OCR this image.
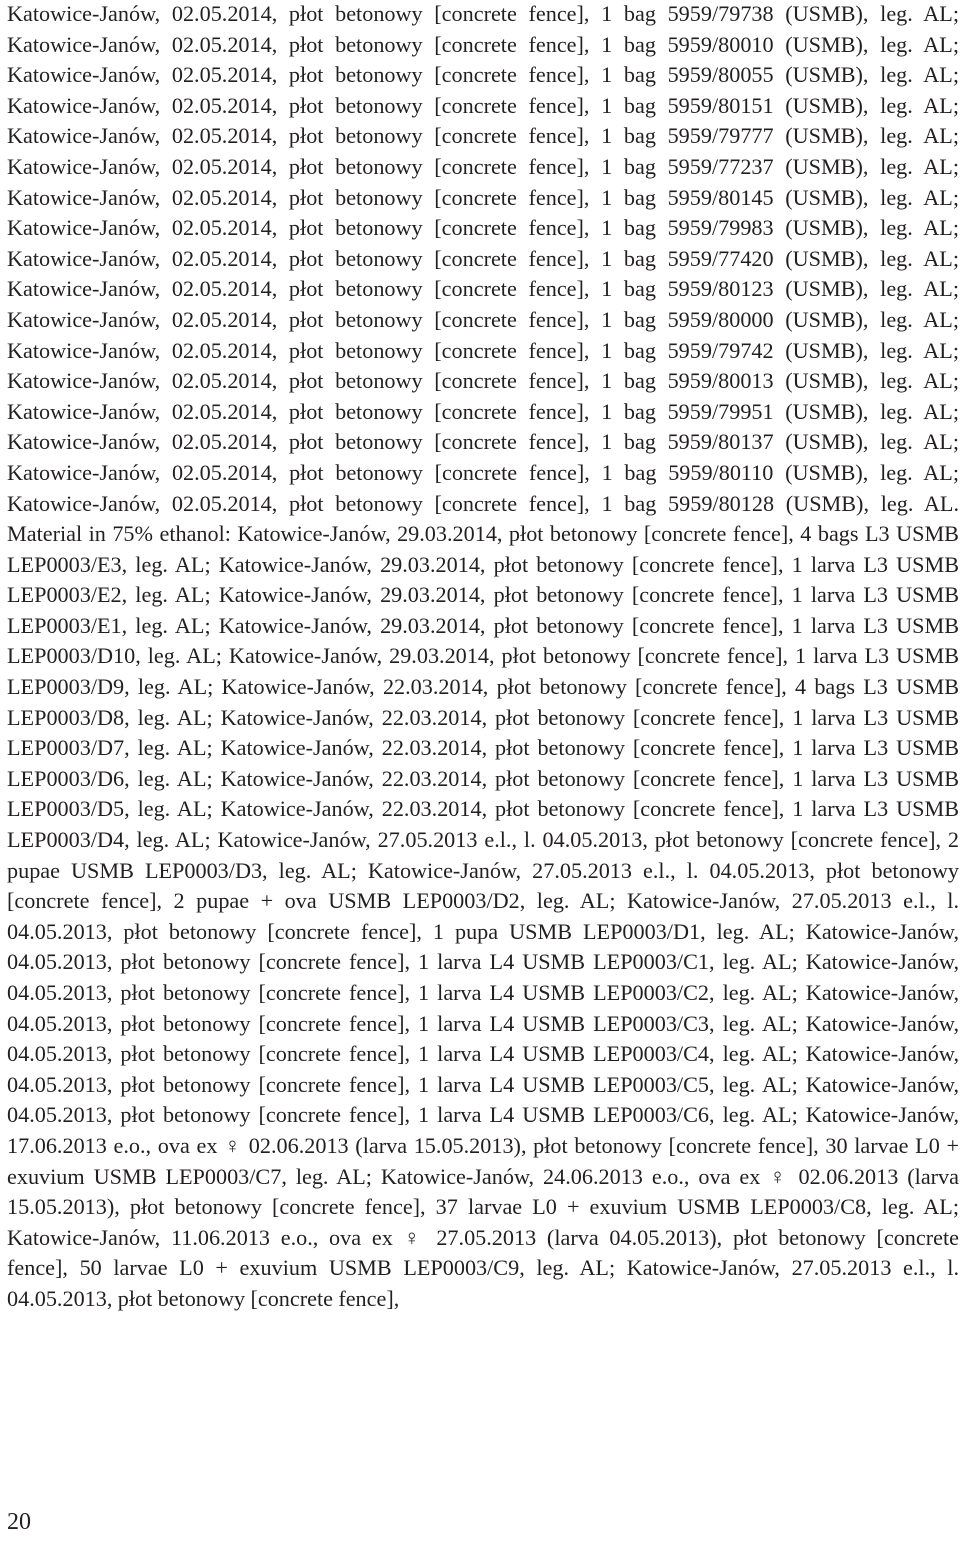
Katowice-Janów, 02.05.2014, płot betonowy [concrete fence], 1 bag 5959/79738 (USMB), leg. AL; Katowice-Janów, 02.05.2014, płot betonowy [concrete fence], 1 bag 5959/80010 (USMB), leg. AL; Katowice-Janów, 02.05.2014, płot betonowy [concrete fence], 1 bag 5959/80055 (USMB), leg. AL; Katowice-Janów, 02.05.2014, płot betonowy [concrete fence], 1 bag 5959/80151 (USMB), leg. AL; Katowice-Janów, 02.05.2014, płot betonowy [concrete fence], 1 bag 5959/79777 (USMB), leg. AL; Katowice-Janów, 02.05.2014, płot betonowy [concrete fence], 1 bag 5959/77237 (USMB), leg. AL; Katowice-Janów, 02.05.2014, płot betonowy [concrete fence], 1 bag 5959/80145 (USMB), leg. AL; Katowice-Janów, 02.05.2014, płot betonowy [concrete fence], 1 bag 5959/79983 (USMB), leg. AL; Katowice-Janów, 02.05.2014, płot betonowy [concrete fence], 1 bag 5959/77420 (USMB), leg. AL; Katowice-Janów, 02.05.2014, płot betonowy [concrete fence], 1 bag 5959/80123 (USMB), leg. AL; Katowice-Janów, 02.05.2014, płot betonowy [concrete fence], 1 bag 5959/80000 (USMB), leg. AL; Katowice-Janów, 02.05.2014, płot betonowy [concrete fence], 1 bag 5959/79742 (USMB), leg. AL; Katowice-Janów, 02.05.2014, płot betonowy [concrete fence], 1 bag 5959/80013 (USMB), leg. AL; Katowice-Janów, 02.05.2014, płot betonowy [concrete fence], 1 bag 5959/79951 (USMB), leg. AL; Katowice-Janów, 02.05.2014, płot betonowy [concrete fence], 1 bag 5959/80137 (USMB), leg. AL; Katowice-Janów, 02.05.2014, płot betonowy [concrete fence], 1 bag 5959/80110 (USMB), leg. AL; Katowice-Janów, 02.05.2014, płot betonowy [concrete fence], 1 bag 5959/80128 (USMB), leg. AL. Material in 75% ethanol: Katowice-Janów, 29.03.2014, płot betonowy [concrete fence], 4 bags L3 USMB LEP0003/E3, leg. AL; Katowice-Janów, 29.03.2014, płot betonowy [concrete fence], 1 larva L3 USMB LEP0003/E2, leg. AL; Katowice-Janów, 29.03.2014, płot betonowy [concrete fence], 1 larva L3 USMB LEP0003/E1, leg. AL; Katowice-Janów, 29.03.2014, płot betonowy [concrete fence], 1 larva L3 USMB LEP0003/D10, leg. AL; Katowice-Janów, 29.03.2014, płot betonowy [concrete fence], 1 larva L3 USMB LEP0003/D9, leg. AL; Katowice-Janów, 22.03.2014, płot betonowy [concrete fence], 4 bags L3 USMB LEP0003/D8, leg. AL; Katowice-Janów, 22.03.2014, płot betonowy [concrete fence], 1 larva L3 USMB LEP0003/D7, leg. AL; Katowice-Janów, 22.03.2014, płot betonowy [concrete fence], 1 larva L3 USMB LEP0003/D6, leg. AL; Katowice-Janów, 22.03.2014, płot betonowy [concrete fence], 1 larva L3 USMB LEP0003/D5, leg. AL; Katowice-Janów, 22.03.2014, płot betonowy [concrete fence], 1 larva L3 USMB LEP0003/D4, leg. AL; Katowice-Janów, 27.05.2013 e.l., l. 04.05.2013, płot betonowy [concrete fence], 2 pupae USMB LEP0003/D3, leg. AL; Katowice-Janów, 27.05.2013 e.l., l. 04.05.2013, płot betonowy [concrete fence], 2 pupae + ova USMB LEP0003/D2, leg. AL; Katowice-Janów, 27.05.2013 e.l., l. 04.05.2013, płot betonowy [concrete fence], 1 pupa USMB LEP0003/D1, leg. AL; Katowice-Janów, 04.05.2013, płot betonowy [concrete fence], 1 larva L4 USMB LEP0003/C1, leg. AL; Katowice-Janów, 04.05.2013, płot betonowy [concrete fence], 1 larva L4 USMB LEP0003/C2, leg. AL; Katowice-Janów, 04.05.2013, płot betonowy [concrete fence], 1 larva L4 USMB LEP0003/C3, leg. AL; Katowice-Janów, 04.05.2013, płot betonowy [concrete fence], 1 larva L4 USMB LEP0003/C4, leg. AL; Katowice-Janów, 04.05.2013, płot betonowy [concrete fence], 1 larva L4 USMB LEP0003/C5, leg. AL; Katowice-Janów, 04.05.2013, płot betonowy [concrete fence], 1 larva L4 USMB LEP0003/C6, leg. AL; Katowice-Janów, 17.06.2013 e.o., ova ex ♀ 02.06.2013 (larva 15.05.2013), płot betonowy [concrete fence], 30 larvae L0 + exuvium USMB LEP0003/C7, leg. AL; Katowice-Janów, 24.06.2013 e.o., ova ex ♀ 02.06.2013 (larva 15.05.2013), płot betonowy [concrete fence], 37 larvae L0 + exuvium USMB LEP0003/C8, leg. AL; Katowice-Janów, 11.06.2013 e.o., ova ex ♀ 27.05.2013 (larva 04.05.2013), płot betonowy [concrete fence], 50 larvae L0 + exuvium USMB LEP0003/C9, leg. AL; Katowice-Janów, 27.05.2013 e.l., l. 04.05.2013, płot betonowy [concrete fence],

20
